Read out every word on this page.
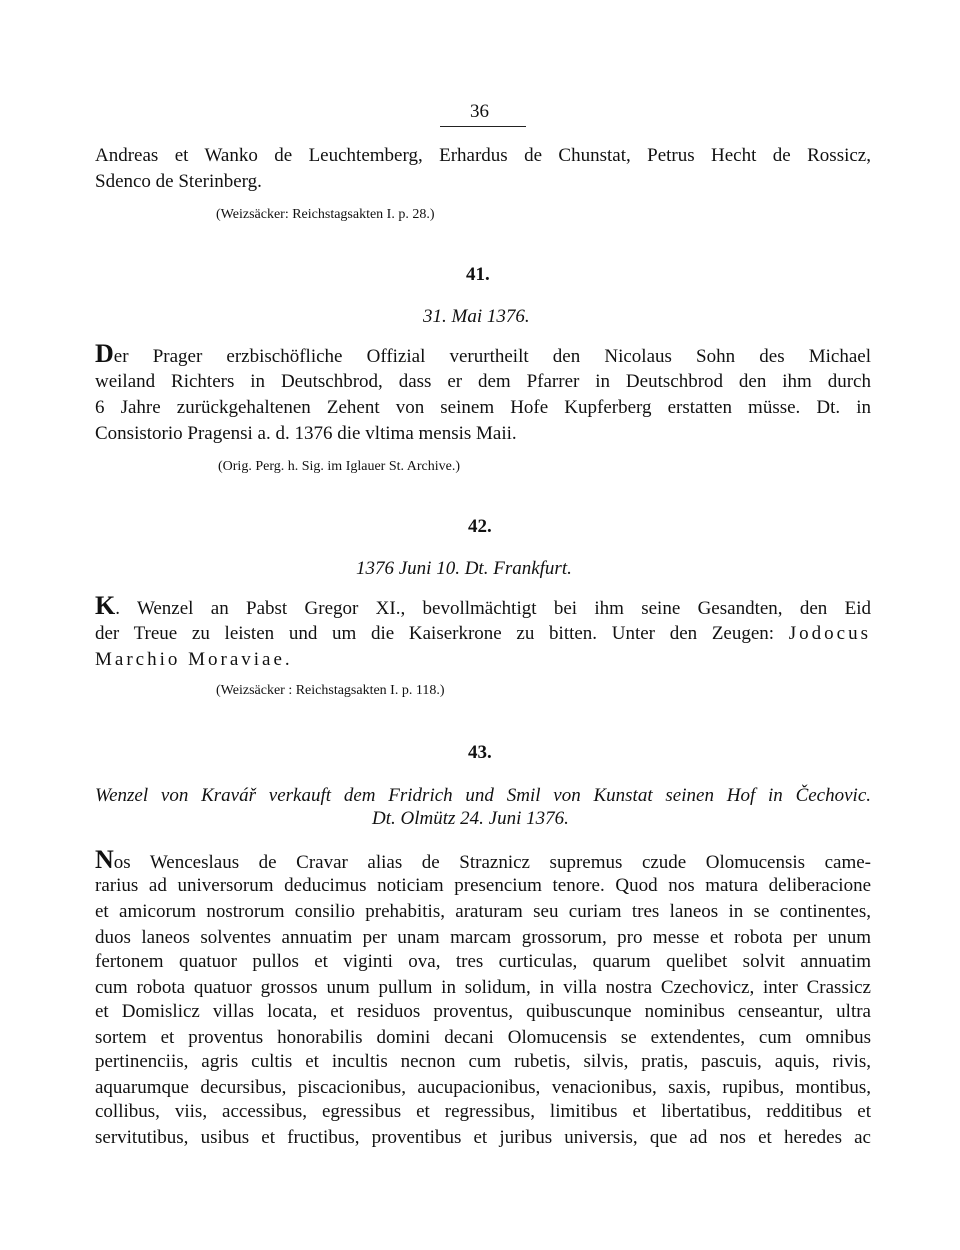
36
Andreas et Wanko de Leuchtemberg, Erhardus de Chunstat, Petrus Hecht de Rossicz,
Sdenco de Sterinberg.
(Weizsäcker: Reichstagsakten I. p. 28.)
41.
31. Mai 1376.
Der Prager erzbischöfliche Offizial verurtheilt den Nicolaus Sohn des Michael
weiland Richters in Deutschbrod, dass er dem Pfarrer in Deutschbrod den ihm durch
6 Jahre zurückgehaltenen Zehent von seinem Hofe Kupferberg erstatten müsse. Dt. in
Consistorio Pragensi a. d. 1376 die vltima mensis Maii.
(Orig. Perg. h. Sig. im Iglauer St. Archive.)
42.
1376 Juni 10. Dt. Frankfurt.
K. Wenzel an Pabst Gregor XI., bevollmächtigt bei ihm seine Gesandten, den Eid
der Treue zu leisten und um die Kaiserkrone zu bitten. Unter den Zeugen: Jodocus
Marchio Moraviae.
(Weizsäcker : Reichstagsakten I. p. 118.)
43.
Wenzel von Kravář verkauft dem Fridrich und Smil von Kunstat seinen Hof in Čechovic.
Dt. Olmütz 24. Juni 1376.
Nos Wenceslaus de Cravar alias de Straznicz supremus czude Olomucensis came-
rarius ad universorum deducimus noticiam presencium tenore. Quod nos matura deliberacione
et amicorum nostrorum consilio prehabitis, araturam seu curiam tres laneos in se continentes,
duos laneos solventes annuatim per unam marcam grossorum, pro messe et robota per unum
fertonem quatuor pullos et viginti ova, tres curticulas, quarum quelibet solvit annuatim
cum robota quatuor grossos unum pullum in solidum, in villa nostra Czechovicz, inter Crassicz
et Domislicz villas locata, et residuos proventus, quibuscunque nominibus censeantur, ultra
sortem et proventus honorabilis domini decani Olomucensis se extendentes, cum omnibus
pertinenciis, agris cultis et incultis necnon cum rubetis, silvis, pratis, pascuis, aquis, rivis,
aquarumque decursibus, piscacionibus, aucupacionibus, venacionibus, saxis, rupibus, montibus,
collibus, viis, accessibus, egressibus et regressibus, limitibus et libertatibus, redditibus et
servitutibus, usibus et fructibus, proventibus et juribus universis, que ad nos et heredes ac
